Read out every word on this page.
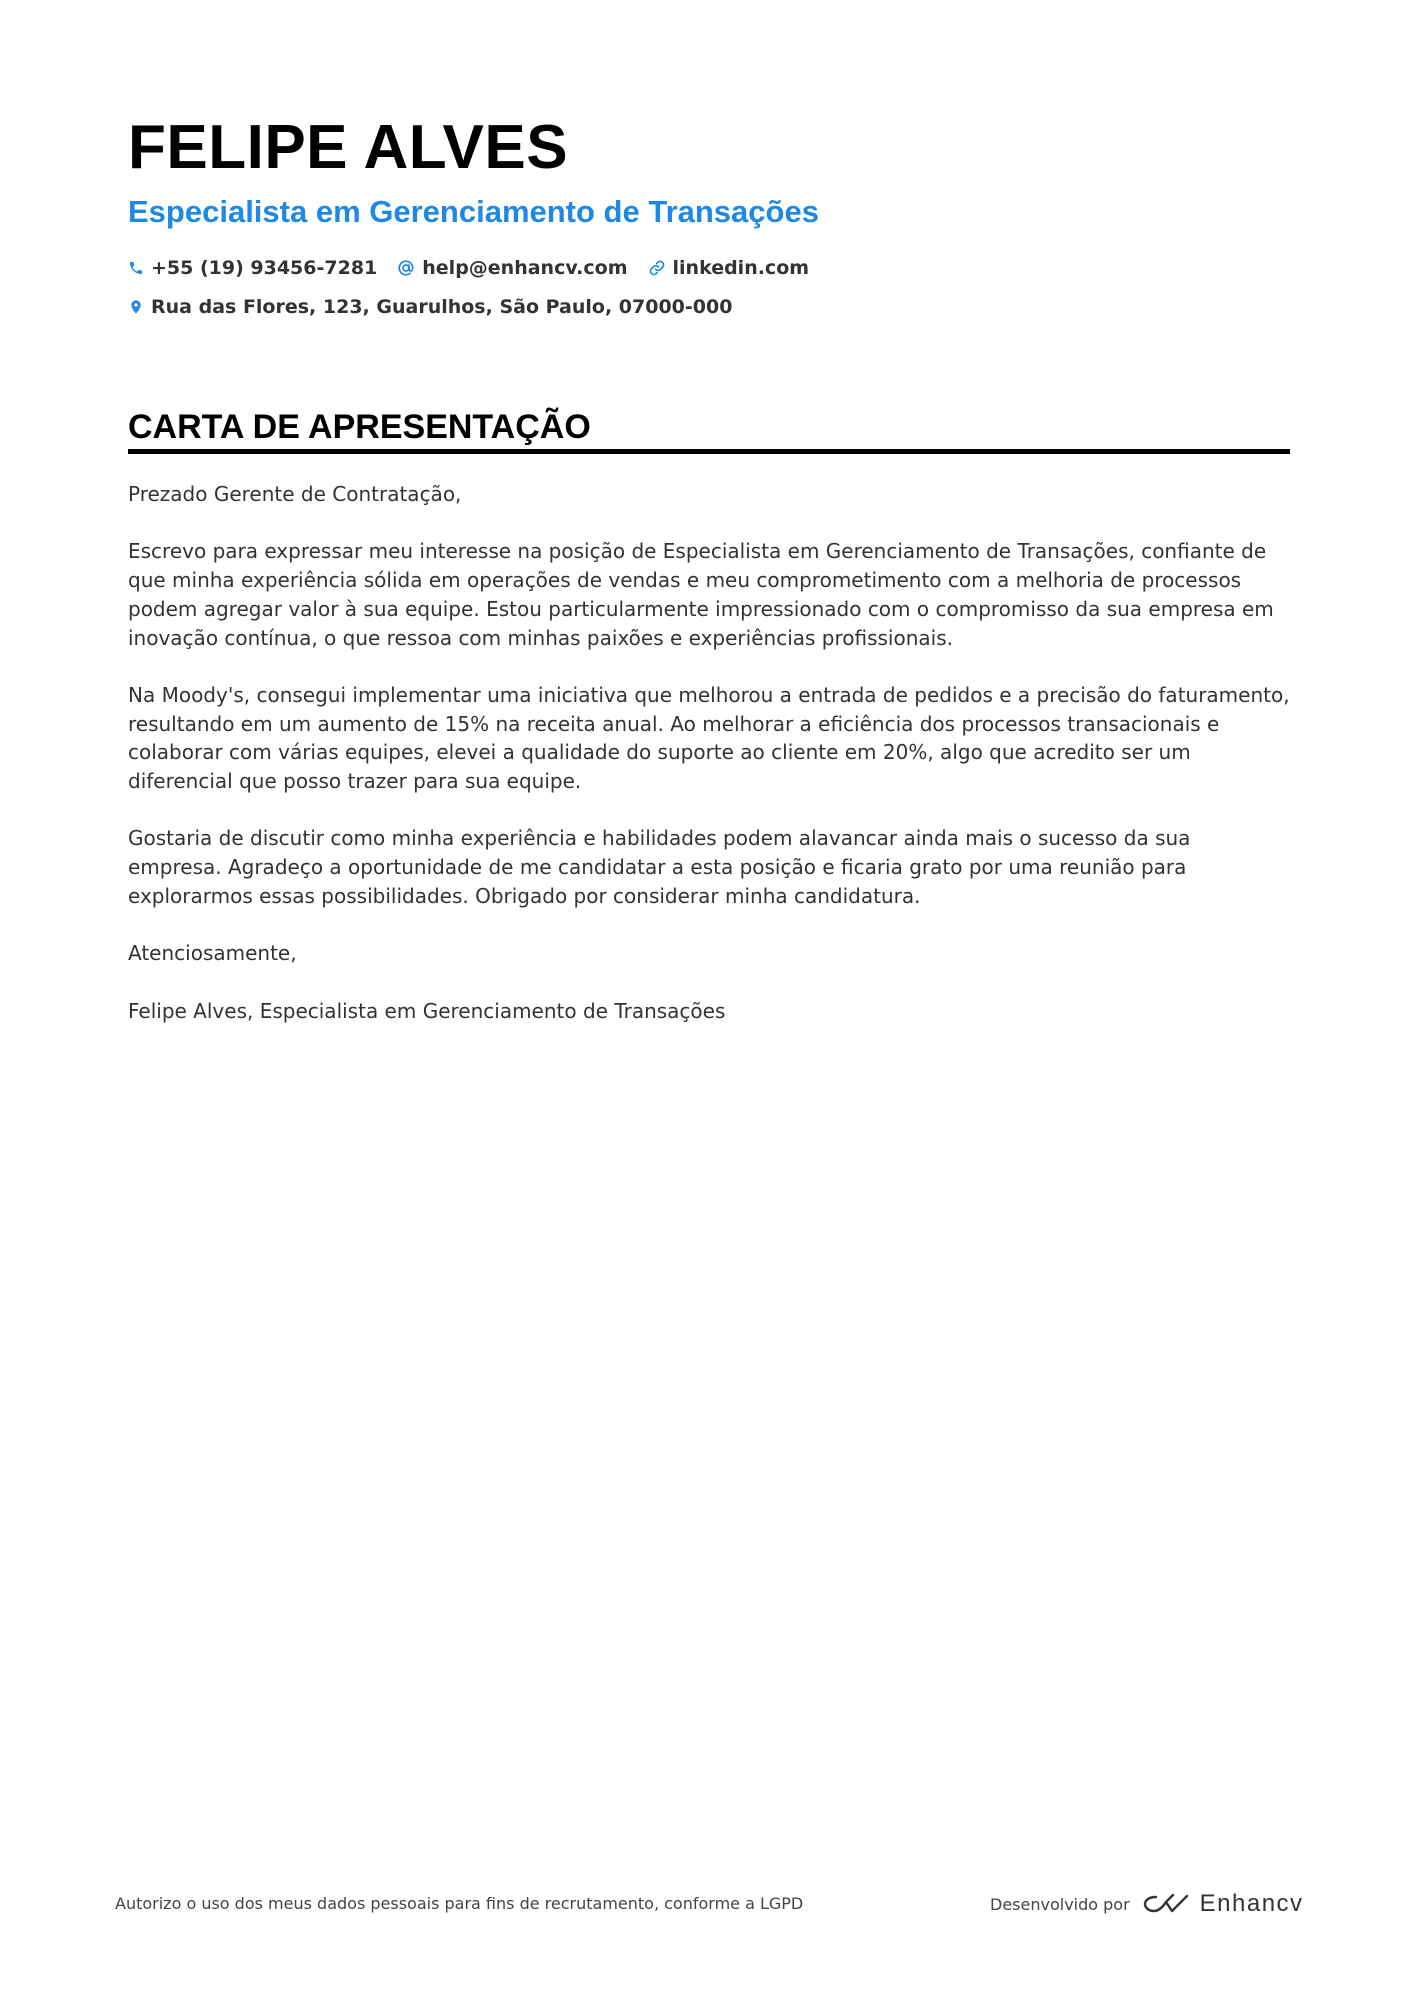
FELIPE ALVES
Especialista em Gerenciamento de Transações
+55 (19) 93456-7281 help@enhancv.com linkedin.com
Rua das Flores, 123, Guarulhos, São Paulo, 07000-000
CARTA DE APRESENTAÇÃO

Prezado Gerente de Contratação,

Escrevo para expressar meu interesse na posição de Especialista em Gerenciamento de Transações, confiante de que minha experiência sólida em operações de vendas e meu comprometimento com a melhoria de processos podem agregar valor à sua equipe. Estou particularmente impressionado com o compromisso da sua empresa em inovação contínua, o que ressoa com minhas paixões e experiências profissionais.

Na Moody's, consegui implementar uma iniciativa que melhorou a entrada de pedidos e a precisão do faturamento, resultando em um aumento de 15% na receita anual. Ao melhorar a eficiência dos processos transacionais e colaborar com várias equipes, elevei a qualidade do suporte ao cliente em 20%, algo que acredito ser um diferencial que posso trazer para sua equipe.

Gostaria de discutir como minha experiência e habilidades podem alavancar ainda mais o sucesso da sua empresa. Agradeço a oportunidade de me candidatar a esta posição e ficaria grato por uma reunião para explorarmos essas possibilidades. Obrigado por considerar minha candidatura.

Atenciosamente,

Felipe Alves, Especialista em Gerenciamento de Transações

Autorizo o uso dos meus dados pessoais para fins de recrutamento, conforme a LGPD	Desenvolvido por	Enhancv
